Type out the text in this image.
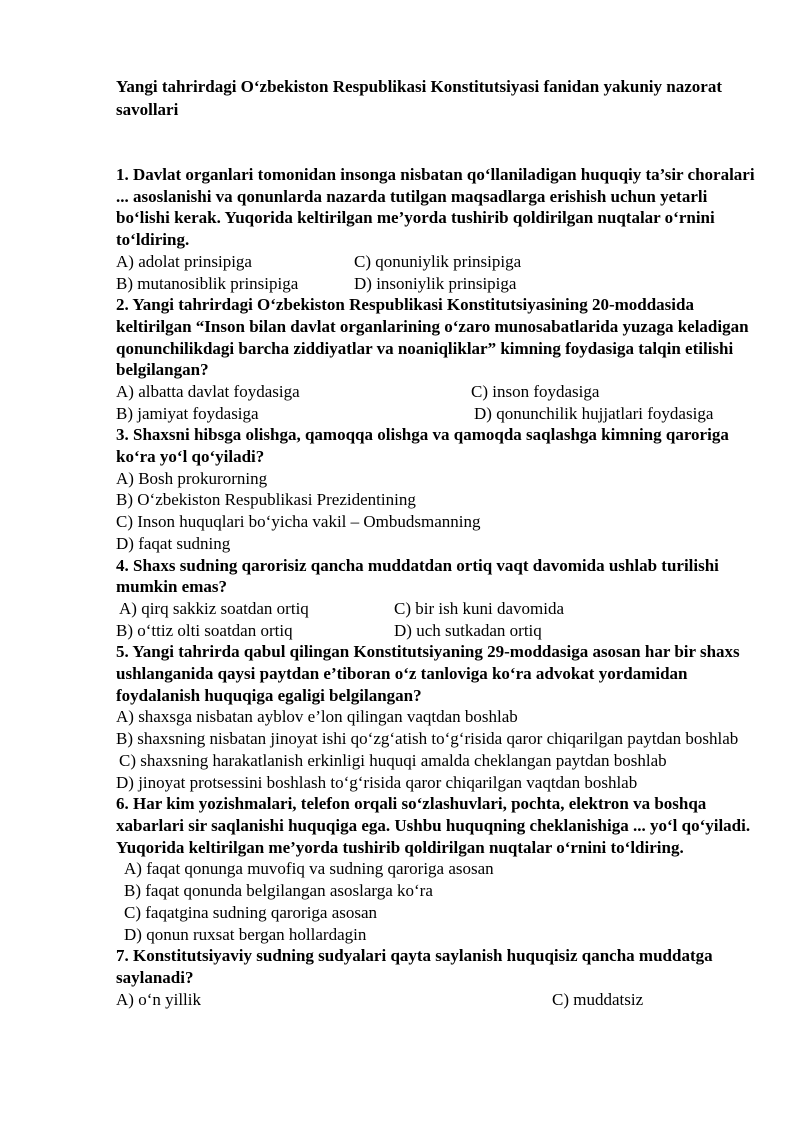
Yangi tahrirdagi O‘zbekiston Respublikasi Konstitutsiyasi fanidan yakuniy nazorat savollari
1. Davlat organlari tomonidan insonga nisbatan qo‘llaniladigan huquqiy ta’sir choralari ... asoslanishi va qonunlarda nazarda tutilgan maqsadlarga erishish uchun yetarli bo‘lishi kerak. Yuqorida keltirilgan me’yorda tushirib qoldirilgan nuqtalar o‘rnini to‘ldiring.
A) adolat prinsipiga	C) qonuniylik prinsipiga
B) mutanosiblik prinsipiga	D) insoniylik prinsipiga
2. Yangi tahrirdagi O‘zbekiston Respublikasi Konstitutsiyasining 20-moddasida keltirilgan “Inson bilan davlat organlarining o‘zaro munosabatlarida yuzaga keladigan qonunchilikdagi barcha ziddiyatlar va noaniqliklar” kimning foydasiga talqin etilishi belgilangan?
A) albatta davlat foydasiga	C) inson foydasiga
B) jamiyat foydasiga	D) qonunchilik hujjatlari foydasiga
3. Shaxsni hibsga olishga, qamoqqa olishga va qamoqda saqlashga kimning qaroriga ko‘ra yo‘l qo‘yiladi?
A) Bosh prokurorning
B) O‘zbekiston Respublikasi Prezidentining
C) Inson huquqlari bo‘yicha vakil – Ombudsmanning
D) faqat sudning
4. Shaxs sudning qarorisiz qancha muddatdan ortiq vaqt davomida ushlab turilishi mumkin emas?
A) qirq sakkiz soatdan ortiq	C) bir ish kuni davomida
B) o‘ttiz olti soatdan ortiq	D) uch sutkadan ortiq
5. Yangi tahrirda qabul qilingan Konstitutsiyaning 29-moddasiga asosan har bir shaxs ushlanganida qaysi paytdan e’tiboran o‘z tanloviga ko‘ra advokat yordamidan foydalanish huquqiga egaligi belgilangan?
A) shaxsga nisbatan ayblov e’lon qilingan vaqtdan boshlab
B) shaxsning nisbatan jinoyat ishi qo‘zg‘atish to‘g‘risida qaror chiqarilgan paytdan boshlab
C) shaxsning harakatlanish erkinligi huquqi amalda cheklangan paytdan boshlab
D) jinoyat protsessini boshlash to‘g‘risida qaror chiqarilgan vaqtdan boshlab
6. Har kim yozishmalari, telefon orqali so‘zlashuvlari, pochta, elektron va boshqa xabarlari sir saqlanishi huquqiga ega. Ushbu huquqning cheklanishiga ... yo‘l qo‘yiladi. Yuqorida keltirilgan me’yorda tushirib qoldirilgan nuqtalar o‘rnini to‘ldiring.
A) faqat qonunga muvofiq va sudning qaroriga asosan
B) faqat qonunda belgilangan asoslarga ko‘ra
C) faqatgina sudning qaroriga asosan
D) qonun ruxsat bergan hollardagin
7. Konstitutsiyaviy sudning sudyalari qayta saylanish huquqisiz qancha muddatga saylanadi?
A) o‘n yillik	C) muddatsiz
